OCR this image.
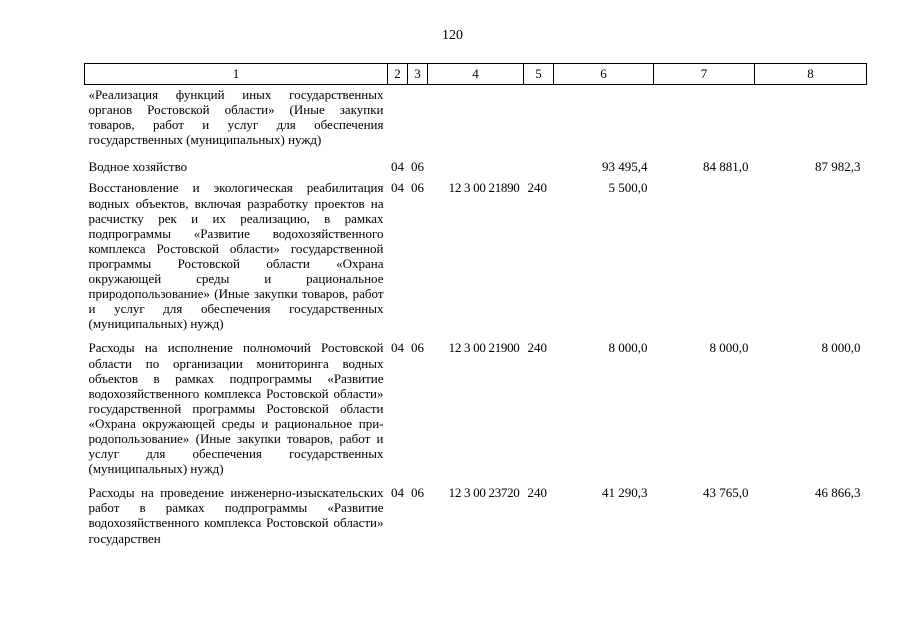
120
1	2	3	4	5	6	7	8
«Реализация функций иных государственных органов Ростовской области» (Иные закупки товаров, работ и услуг для обеспечения государственных (муниципальных) нужд)							
Водное хозяйство	04	06			93 495,4	84 881,0	87 982,3
Восстановление и экологическая реабилитация водных объектов, включая разработку проектов на расчистку рек и их реализацию, в рамках подпрограммы «Развитие водохозяйственного комплекса Ростовской области» государственной программы Ростовской области «Охрана окружающей среды и рациональное природопользование» (Иные закупки товаров, работ и услуг для обеспечения государственных (муниципальных) нужд)	04	06	12 3 00 21890	240	5 500,0		
Расходы на исполнение полномочий Ростовской области по организации мониторинга водных объектов в рамках подпрограммы «Развитие водохозяйственного комплекса Ростовской области» государственной программы Ростовской области «Охрана окружающей среды и рациональное природопользование» (Иные закупки товаров, работ и услуг для обеспечения государственных (муниципальных) нужд)	04	06	12 3 00 21900	240	8 000,0	8 000,0	8 000,0
Расходы на проведение инженерно-изыскательских работ в рамках подпрограммы «Развитие водохозяйственного комплекса Ростовской области» государствен	04	06	12 3 00 23720	240	41 290,3	43 765,0	46 866,3
